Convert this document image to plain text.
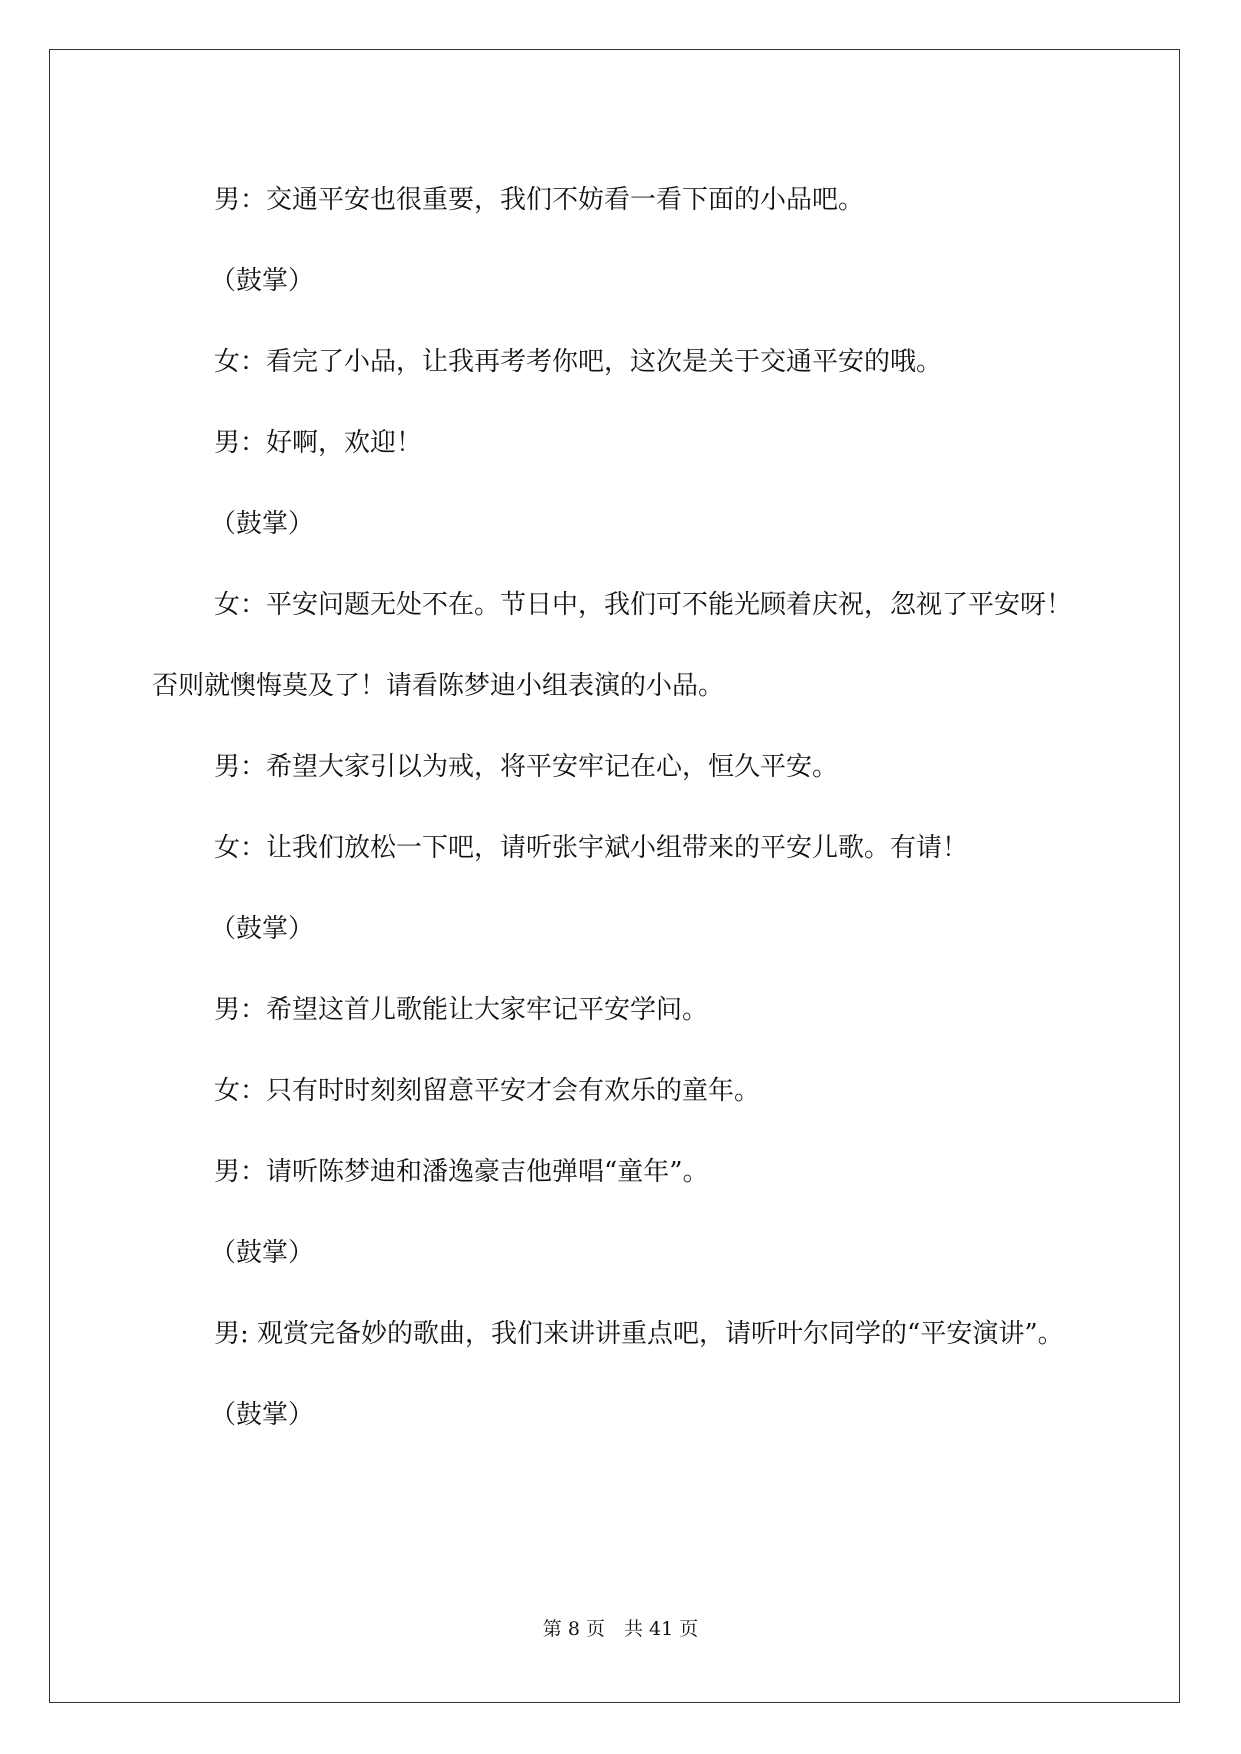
男：交通平安也很重要，我们不妨看一看下面的小品吧。

（鼓掌）

女：看完了小品，让我再考考你吧，这次是关于交通平安的哦。

男：好啊，欢迎！

（鼓掌）

女：平安问题无处不在。节日中，我们可不能光顾着庆祝，忽视了平安呀！否则就懊悔莫及了！请看陈梦迪小组表演的小品。

男：希望大家引以为戒，将平安牢记在心，恒久平安。

女：让我们放松一下吧，请听张宇斌小组带来的平安儿歌。有请！

（鼓掌）

男：希望这首儿歌能让大家牢记平安学问。

女：只有时时刻刻留意平安才会有欢乐的童年。

男：请听陈梦迪和潘逸豪吉他弹唱“童年”。

（鼓掌）

男: 观赏完备妙的歌曲，我们来讲讲重点吧，请听叶尔同学的“平安演讲”。

（鼓掌）

第 8 页　共 41 页
